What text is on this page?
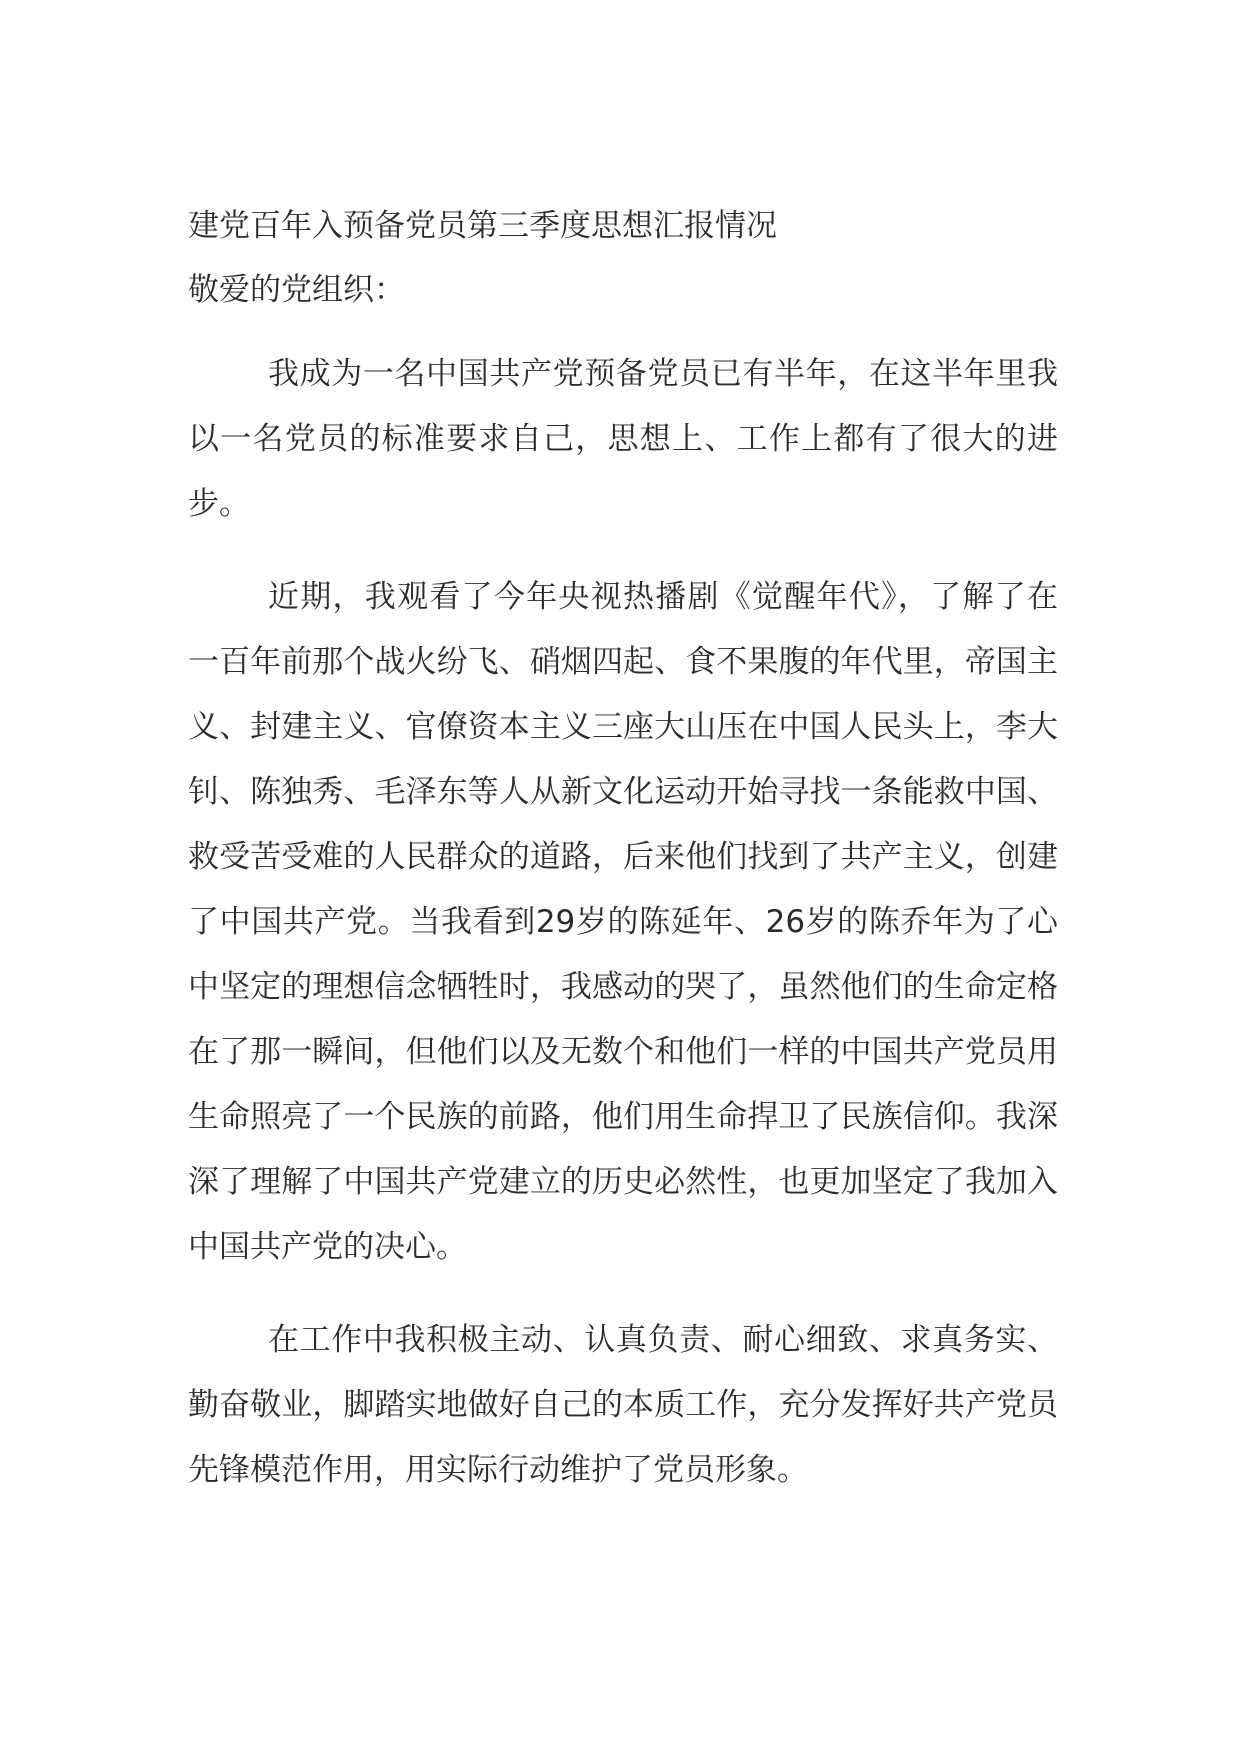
建党百年入预备党员第三季度思想汇报情况

敬爱的党组织：

我成为一名中国共产党预备党员已有半年，在这半年里我以一名党员的标准要求自己，思想上、工作上都有了很大的进步。

近期，我观看了今年央视热播剧《觉醒年代》，了解了在一百年前那个战火纷飞、硝烟四起、食不果腹的年代里，帝国主义、封建主义、官僚资本主义三座大山压在中国人民头上，李大钊、陈独秀、毛泽东等人从新文化运动开始寻找一条能救中国、救受苦受难的人民群众的道路，后来他们找到了共产主义，创建了中国共产党。当我看到29岁的陈延年、26岁的陈乔年为了心中坚定的理想信念牺牲时，我感动的哭了，虽然他们的生命定格在了那一瞬间，但他们以及无数个和他们一样的中国共产党员用生命照亮了一个民族的前路，他们用生命捍卫了民族信仰。我深深了理解了中国共产党建立的历史必然性，也更加坚定了我加入中国共产党的决心。

在工作中我积极主动、认真负责、耐心细致、求真务实、勤奋敬业，脚踏实地做好自己的本质工作，充分发挥好共产党员先锋模范作用，用实际行动维护了党员形象。
